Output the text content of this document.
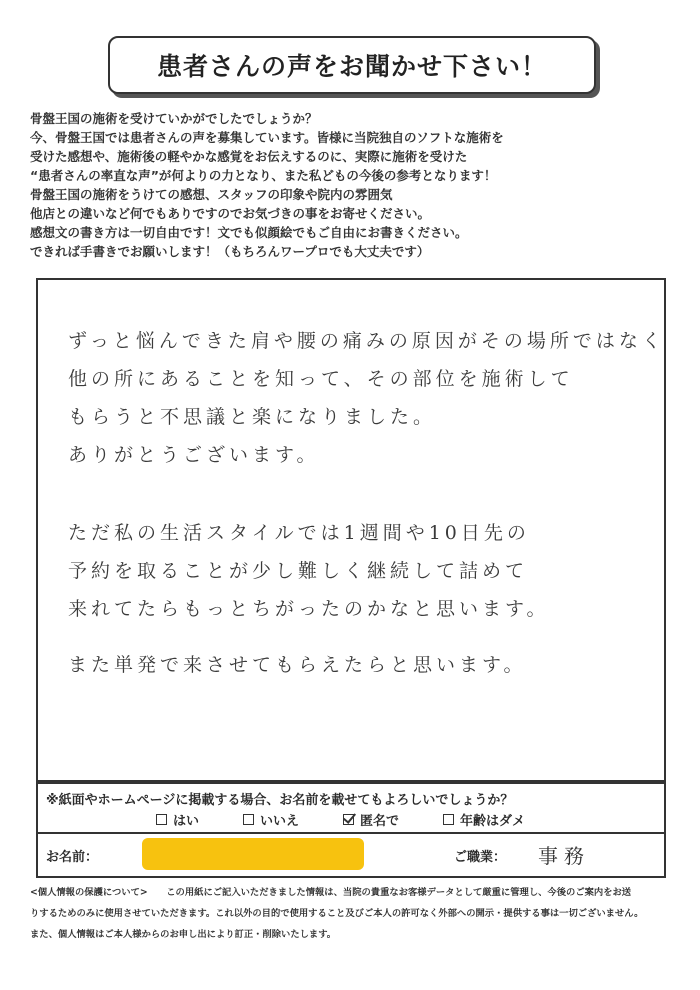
患者さんの声をお聞かせ下さい！
骨盤王国の施術を受けていかがでしたでしょうか？
今、骨盤王国では患者さんの声を募集しています。皆様に当院独自のソフトな施術を
受けた感想や、施術後の軽やかな感覚をお伝えするのに、実際に施術を受けた
“患者さんの率直な声”が何よりの力となり、また私どもの今後の参考となります！
骨盤王国の施術をうけての感想、スタッフの印象や院内の雰囲気
他店との違いなど何でもありですのでお気づきの事をお寄せください。
感想文の書き方は一切自由です！文でも似顔絵でもご自由にお書きください。
できれば手書きでお願いします！（もちろんワープロでも大丈夫です）
ずっと悩んできた肩や腰の痛みの原因がその場所ではなく
他の所にあることを知って、その部位を施術して
もらうと不思議と楽になりました。
ありがとうございます。
ただ私の生活スタイルでは1週間や10日先の
予約を取ることが少し難しく継続して詰めて
来れてたらもっとちがったのかなと思います。
また単発で来させてもらえたらと思います。
※紙面やホームページに掲載する場合、お名前を載せてもよろしいでしょうか？
はい	いいえ	匿名で	年齢はダメ
お名前：	ご職業： 事務
<個人情報の保護について>　　この用紙にご記入いただきました情報は、当院の貴重なお客様データとして厳重に管理し、今後のご案内をお送
りするためのみに使用させていただきます。これ以外の目的で使用すること及びご本人の許可なく外部への開示・提供する事は一切ございません。
また、個人情報はご本人様からのお申し出により訂正・削除いたします。
